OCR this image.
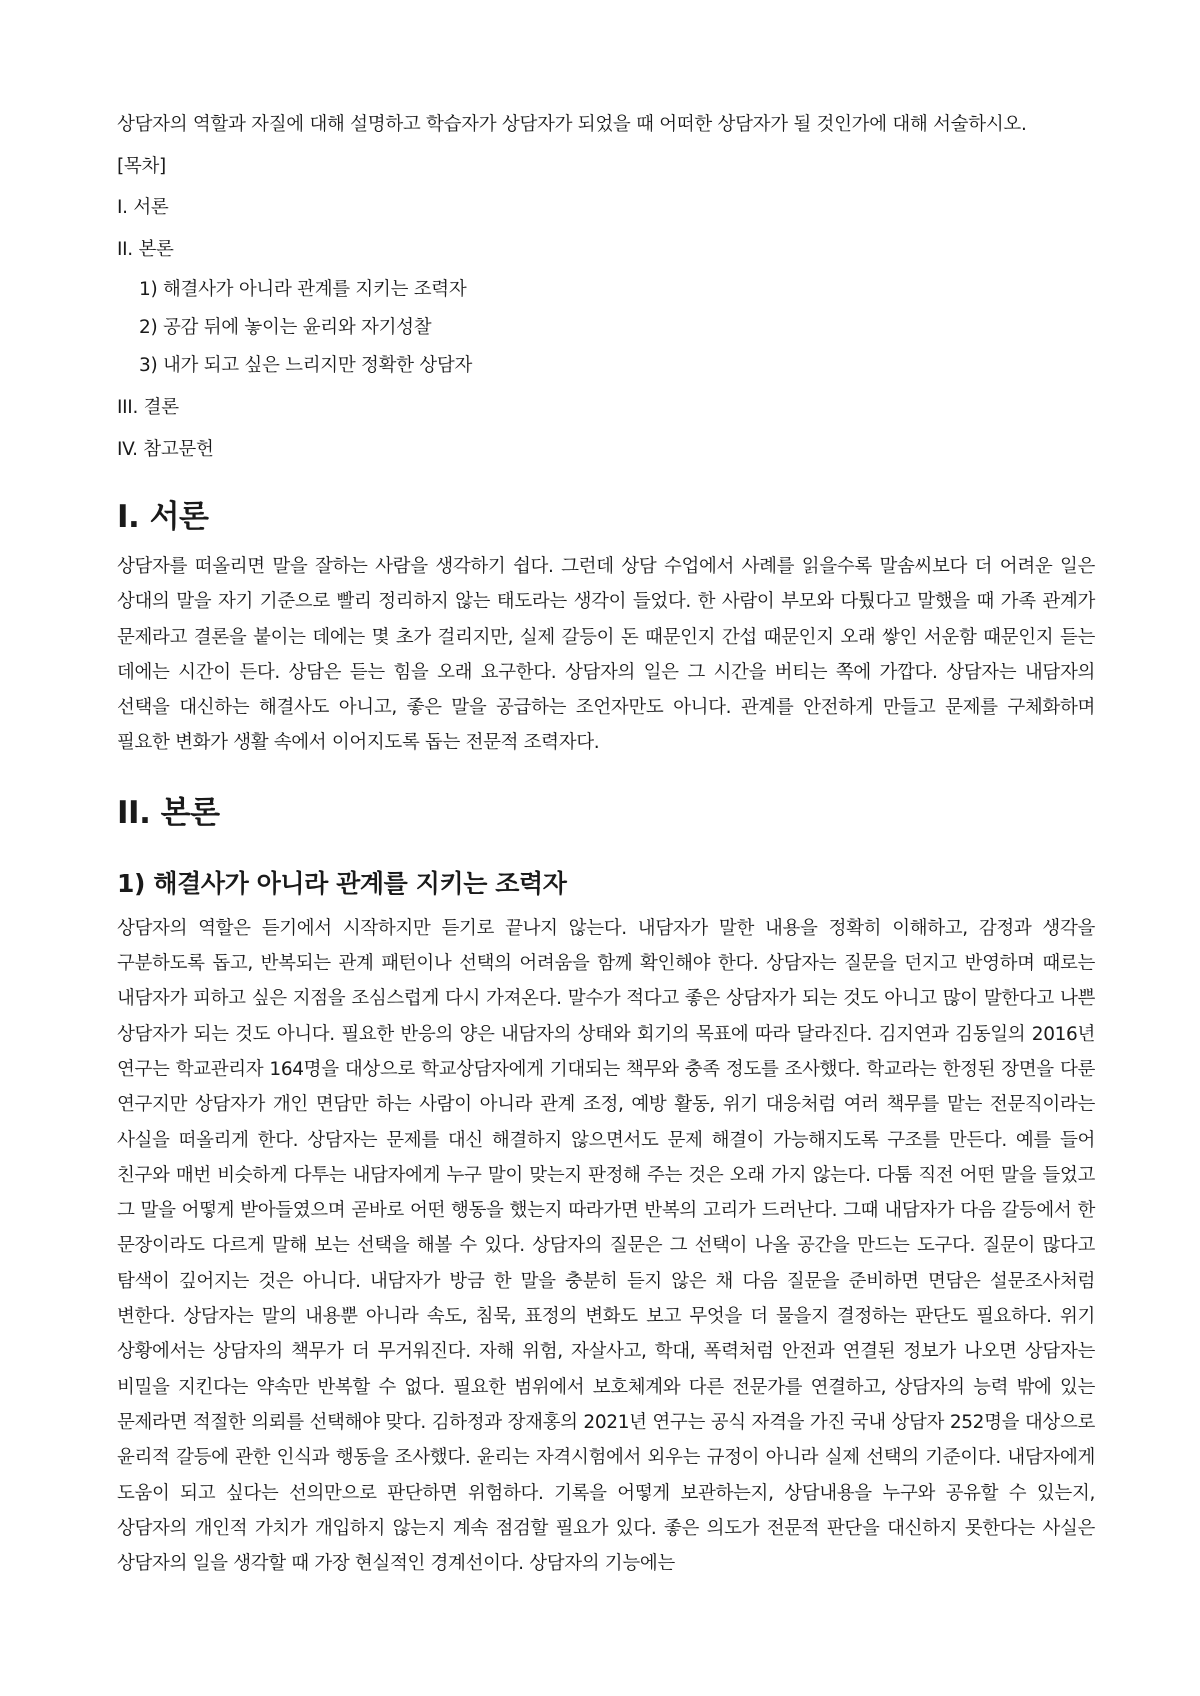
상담자의 역할과 자질에 대해 설명하고 학습자가 상담자가 되었을 때 어떠한 상담자가 될 것인가에 대해 서술하시오.

[목차]
I. 서론
II. 본론
1) 해결사가 아니라 관계를 지키는 조력자
2) 공감 뒤에 놓이는 윤리와 자기성찰
3) 내가 되고 싶은 느리지만 정확한 상담자
III. 결론
IV. 참고문헌
I. 서론

상담자를 떠올리면 말을 잘하는 사람을 생각하기 쉽다. 그런데 상담 수업에서 사례를 읽을수록 말솜씨보다 더 어려운 일은 상대의 말을 자기 기준으로 빨리 정리하지 않는 태도라는 생각이 들었다. 한 사람이 부모와 다퉜다고 말했을 때 가족 관계가 문제라고 결론을 붙이는 데에는 몇 초가 걸리지만, 실제 갈등이 돈 때문인지 간섭 때문인지 오래 쌓인 서운함 때문인지 듣는 데에는 시간이 든다. 상담은 듣는 힘을 오래 요구한다. 상담자의 일은 그 시간을 버티는 쪽에 가깝다. 상담자는 내담자의 선택을 대신하는 해결사도 아니고, 좋은 말을 공급하는 조언자만도 아니다. 관계를 안전하게 만들고 문제를 구체화하며 필요한 변화가 생활 속에서 이어지도록 돕는 전문적 조력자다.

II. 본론
1) 해결사가 아니라 관계를 지키는 조력자

상담자의 역할은 듣기에서 시작하지만 듣기로 끝나지 않는다. 내담자가 말한 내용을 정확히 이해하고, 감정과 생각을 구분하도록 돕고, 반복되는 관계 패턴이나 선택의 어려움을 함께 확인해야 한다. 상담자는 질문을 던지고 반영하며 때로는 내담자가 피하고 싶은 지점을 조심스럽게 다시 가져온다. 말수가 적다고 좋은 상담자가 되는 것도 아니고 많이 말한다고 나쁜 상담자가 되는 것도 아니다. 필요한 반응의 양은 내담자의 상태와 회기의 목표에 따라 달라진다. 김지연과 김동일의 2016년 연구는 학교관리자 164명을 대상으로 학교상담자에게 기대되는 책무와 충족 정도를 조사했다. 학교라는 한정된 장면을 다룬 연구지만 상담자가 개인 면담만 하는 사람이 아니라 관계 조정, 예방 활동, 위기 대응처럼 여러 책무를 맡는 전문직이라는 사실을 떠올리게 한다. 상담자는 문제를 대신 해결하지 않으면서도 문제 해결이 가능해지도록 구조를 만든다. 예를 들어 친구와 매번 비슷하게 다투는 내담자에게 누구 말이 맞는지 판정해 주는 것은 오래 가지 않는다. 다툼 직전 어떤 말을 들었고 그 말을 어떻게 받아들였으며 곧바로 어떤 행동을 했는지 따라가면 반복의 고리가 드러난다. 그때 내담자가 다음 갈등에서 한 문장이라도 다르게 말해 보는 선택을 해볼 수 있다. 상담자의 질문은 그 선택이 나올 공간을 만드는 도구다. 질문이 많다고 탐색이 깊어지는 것은 아니다. 내담자가 방금 한 말을 충분히 듣지 않은 채 다음 질문을 준비하면 면담은 설문조사처럼 변한다. 상담자는 말의 내용뿐 아니라 속도, 침묵, 표정의 변화도 보고 무엇을 더 물을지 결정하는 판단도 필요하다. 위기 상황에서는 상담자의 책무가 더 무거워진다. 자해 위험, 자살사고, 학대, 폭력처럼 안전과 연결된 정보가 나오면 상담자는 비밀을 지킨다는 약속만 반복할 수 없다. 필요한 범위에서 보호체계와 다른 전문가를 연결하고, 상담자의 능력 밖에 있는 문제라면 적절한 의뢰를 선택해야 맞다. 김하정과 장재홍의 2021년 연구는 공식 자격을 가진 국내 상담자 252명을 대상으로 윤리적 갈등에 관한 인식과 행동을 조사했다. 윤리는 자격시험에서 외우는 규정이 아니라 실제 선택의 기준이다. 내담자에게 도움이 되고 싶다는 선의만으로 판단하면 위험하다. 기록을 어떻게 보관하는지, 상담내용을 누구와 공유할 수 있는지, 상담자의 개인적 가치가 개입하지 않는지 계속 점검할 필요가 있다. 좋은 의도가 전문적 판단을 대신하지 못한다는 사실은 상담자의 일을 생각할 때 가장 현실적인 경계선이다. 상담자의 기능에는
